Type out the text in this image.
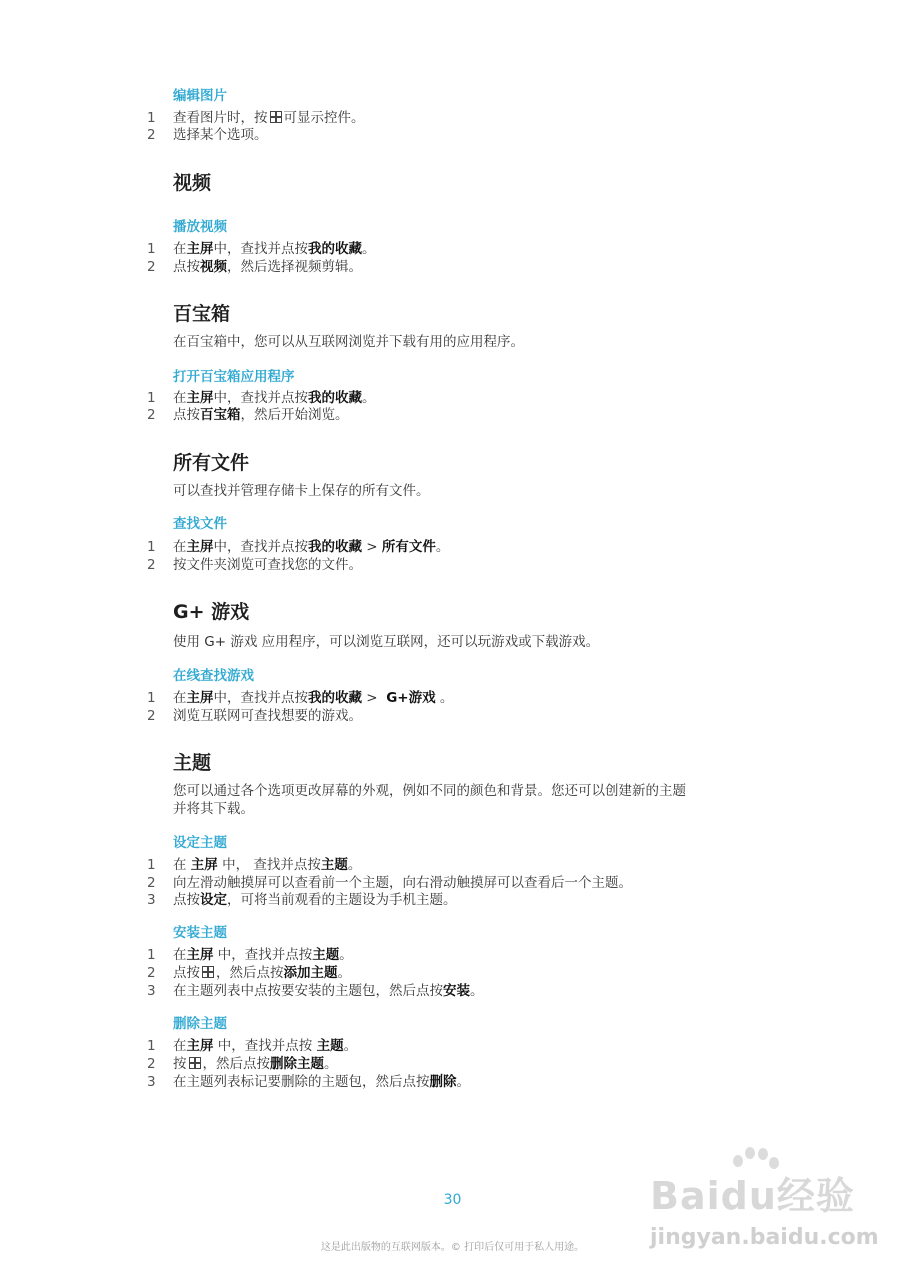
编辑图片
1	查看图片时，按 可显示控件。
2	选择某个选项。
视频
播放视频
1	在主屏中，查找并点按我的收藏。
2	点按视频，然后选择视频剪辑。
百宝箱
在百宝箱中，您可以从互联网浏览并下载有用的应用程序。
打开百宝箱应用程序
1	在主屏中，查找并点按我的收藏。
2	点按百宝箱，然后开始浏览。
所有文件
可以查找并管理存储卡上保存的所有文件。
查找文件
1	在主屏中，查找并点按我的收藏 > 所有文件。
2	按文件夹浏览可查找您的文件。
G+ 游戏
使用 G+ 游戏 应用程序，可以浏览互联网，还可以玩游戏或下载游戏。
在线查找游戏
1	在主屏中，查找并点按我的收藏 >  G+游戏 。
2	浏览互联网可查找想要的游戏。
主题
您可以通过各个选项更改屏幕的外观，例如不同的颜色和背景。您还可以创建新的主题
并将其下载。
设定主题
1	在 主屏 中， 查找并点按主题。
2	向左滑动触摸屏可以查看前一个主题，向右滑动触摸屏可以查看后一个主题。
3	点按设定，可将当前观看的主题设为手机主题。
安装主题
1	在主屏 中，查找并点按主题。
2	点按 ，然后点按添加主题。
3	在主题列表中点按要安装的主题包，然后点按安装。
删除主题
1	在主屏 中，查找并点按 主题。
2	按 ，然后点按删除主题。
3	在主题列表标记要删除的主题包，然后点按删除。
30
这是此出版物的互联网版本。© 打印后仅可用于私人用途。
Baidu经验
jingyan.baidu.com
